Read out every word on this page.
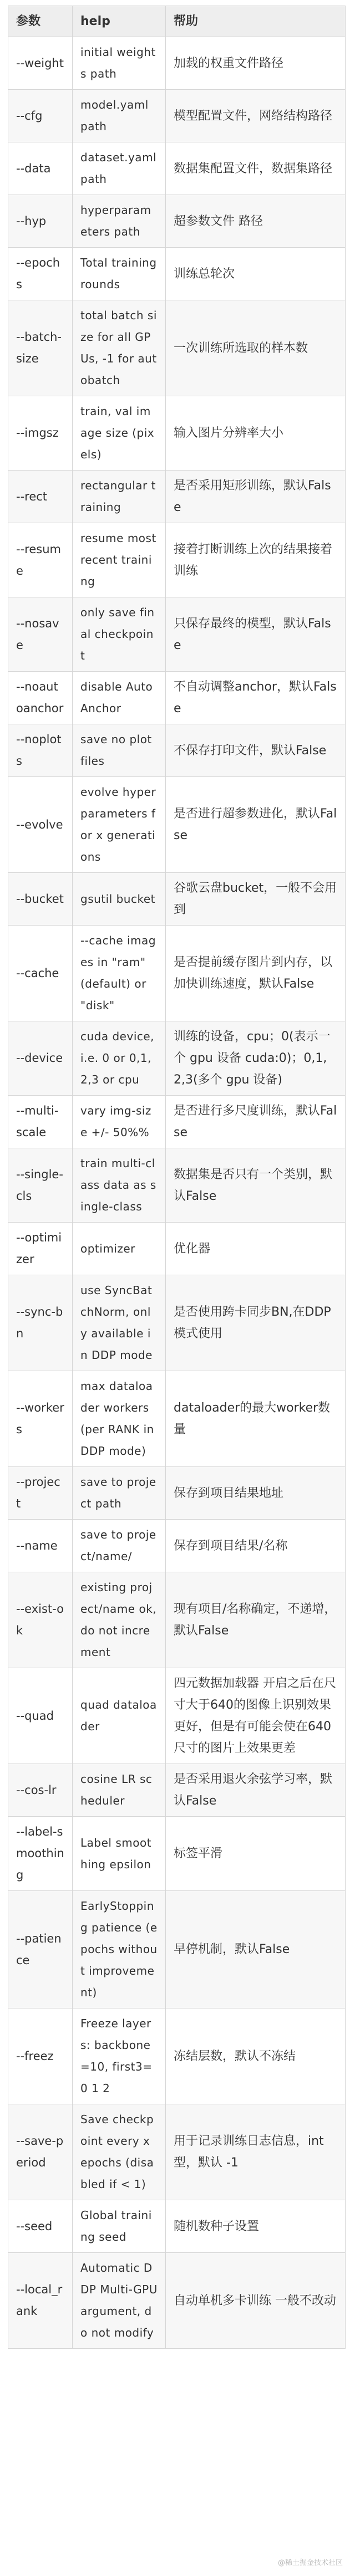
参数	help	帮助
--weight	initial weights path	加载的权重文件路径
--cfg	model.yaml path	模型配置文件，网络结构路径
--data	dataset.yaml path	数据集配置文件，数据集路径
--hyp	hyperparameters path	超参数文件 路径
--epochs	Total training rounds	训练总轮次
--batch-size	total batch size for all GPUs, -1 for autobatch	一次训练所选取的样本数
--imgsz	train, val image size (pixels)	输入图片分辨率大小
--rect	rectangular training	是否采用矩形训练，默认False
--resume	resume most recent training	接着打断训练上次的结果接着训练
--nosave	only save final checkpoint	只保存最终的模型，默认False
--noautoanchor	disable AutoAnchor	不自动调整anchor，默认False
--noplots	save no plot files	不保存打印文件，默认False
--evolve	evolve hyperparameters for x generations	是否进行超参数进化，默认False
--bucket	gsutil bucket	谷歌云盘bucket，一般不会用到
--cache	--cache images in "ram" (default) or "disk"	是否提前缓存图片到内存，以加快训练速度，默认False
--device	cuda device, i.e. 0 or 0,1,2,3 or cpu	训练的设备，cpu；0(表示一个 gpu 设备 cuda:0)；0,1,2,3(多个 gpu 设备)
--multi-scale	vary img-size +/- 50%%	是否进行多尺度训练，默认False
--single-cls	train multi-class data as single-class	数据集是否只有一个类别，默认False
--optimizer	optimizer	优化器
--sync-bn	use SyncBatchNorm, only available in DDP mode	是否使用跨卡同步BN,在DDP模式使用
--workers	max dataloader workers (per RANK in DDP mode)	dataloader的最大worker数量
--project	save to project path	保存到项目结果地址
--name	save to project/name/	保存到项目结果/名称
--exist-ok	existing project/name ok, do not increment	现有项目/名称确定，不递增，默认False
--quad	quad dataloader	四元数据加载器 开启之后在尺寸大于640的图像上识别效果更好，但是有可能会使在640尺寸的图片上效果更差
--cos-lr	cosine LR scheduler	是否采用退火余弦学习率，默认False
--label-smoothing	Label smoothing epsilon	标签平滑
--patience	EarlyStopping patience (epochs without improvement)	早停机制，默认False
--freez	Freeze layers: backbone=10, first3=0 1 2	冻结层数，默认不冻结
--save-period	Save checkpoint every x epochs (disabled if < 1)	用于记录训练日志信息，int 型，默认 -1
--seed	Global training seed	随机数种子设置
--local_rank	Automatic DDP Multi-GPU argument, do not modify	自动单机多卡训练 一般不改动
@稀土掘金技术社区
